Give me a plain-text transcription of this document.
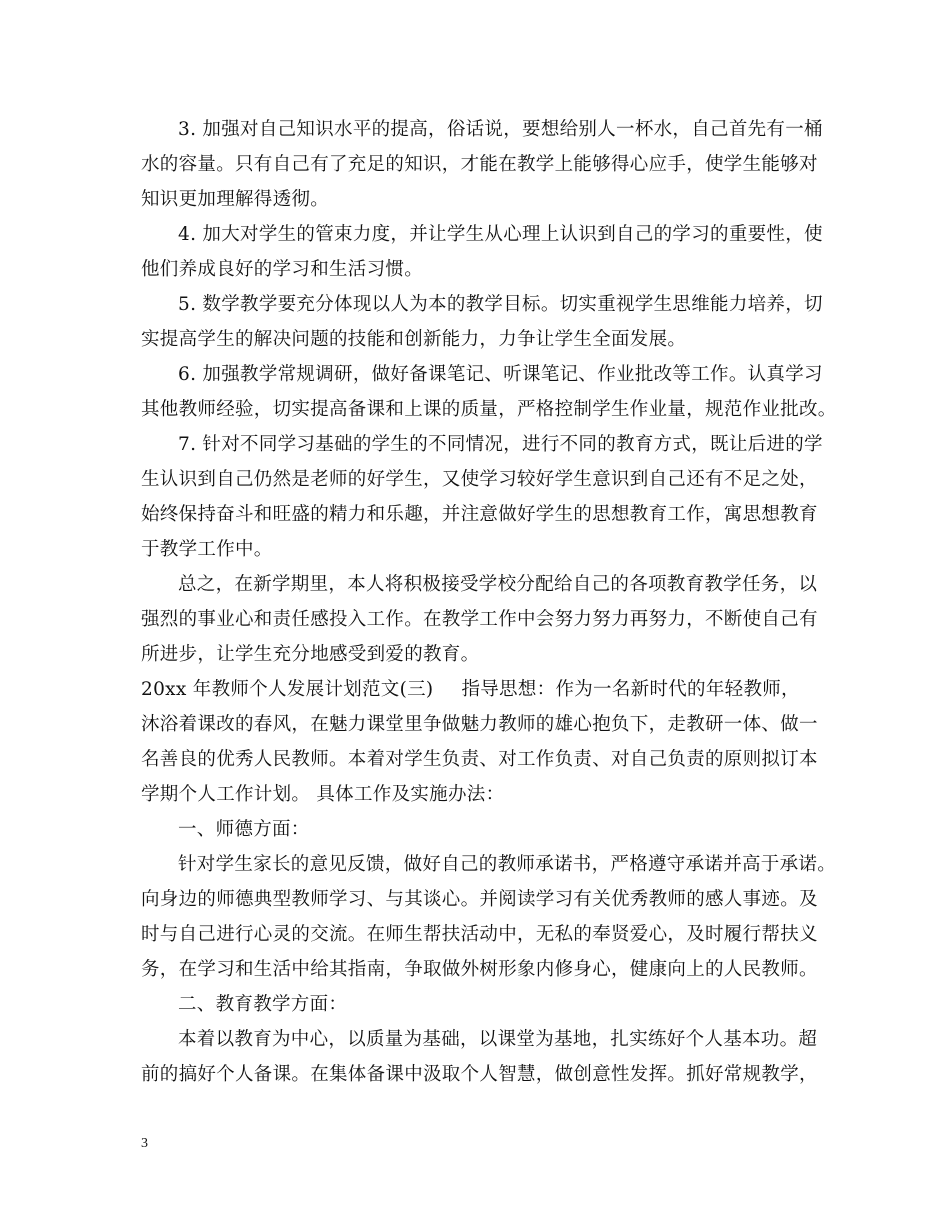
3. 加强对自己知识水平的提高，俗话说，要想给别人一杯水，自己首先有一桶
水的容量。只有自己有了充足的知识，才能在教学上能够得心应手，使学生能够对
知识更加理解得透彻。
4. 加大对学生的管束力度，并让学生从心理上认识到自己的学习的重要性，使
他们养成良好的学习和生活习惯。
5. 数学教学要充分体现以人为本的教学目标。切实重视学生思维能力培养，切
实提高学生的解决问题的技能和创新能力，力争让学生全面发展。
6. 加强教学常规调研，做好备课笔记、听课笔记、作业批改等工作。认真学习
其他教师经验，切实提高备课和上课的质量，严格控制学生作业量，规范作业批改。
7. 针对不同学习基础的学生的不同情况，进行不同的教育方式，既让后进的学
生认识到自己仍然是老师的好学生，又使学习较好学生意识到自己还有不足之处，
始终保持奋斗和旺盛的精力和乐趣，并注意做好学生的思想教育工作，寓思想教育
于教学工作中。
总之，在新学期里，本人将积极接受学校分配给自己的各项教育教学任务，以
强烈的事业心和责任感投入工作。在教学工作中会努力努力再努力，不断使自己有
所进步，让学生充分地感受到爱的教育。
20xx 年教师个人发展计划范文(三) 指导思想：作为一名新时代的年轻教师，
沐浴着课改的春风，在魅力课堂里争做魅力教师的雄心抱负下，走教研一体、做一
名善良的优秀人民教师。本着对学生负责、对工作负责、对自己负责的原则拟订本
学期个人工作计划。 具体工作及实施办法：
一、师德方面：
针对学生家长的意见反馈，做好自己的教师承诺书，严格遵守承诺并高于承诺。
向身边的师德典型教师学习、与其谈心。并阅读学习有关优秀教师的感人事迹。及
时与自己进行心灵的交流。在师生帮扶活动中，无私的奉贤爱心，及时履行帮扶义
务，在学习和生活中给其指南，争取做外树形象内修身心，健康向上的人民教师。
二、教育教学方面：
本着以教育为中心，以质量为基础，以课堂为基地，扎实练好个人基本功。超
前的搞好个人备课。在集体备课中汲取个人智慧，做创意性发挥。抓好常规教学，
3
